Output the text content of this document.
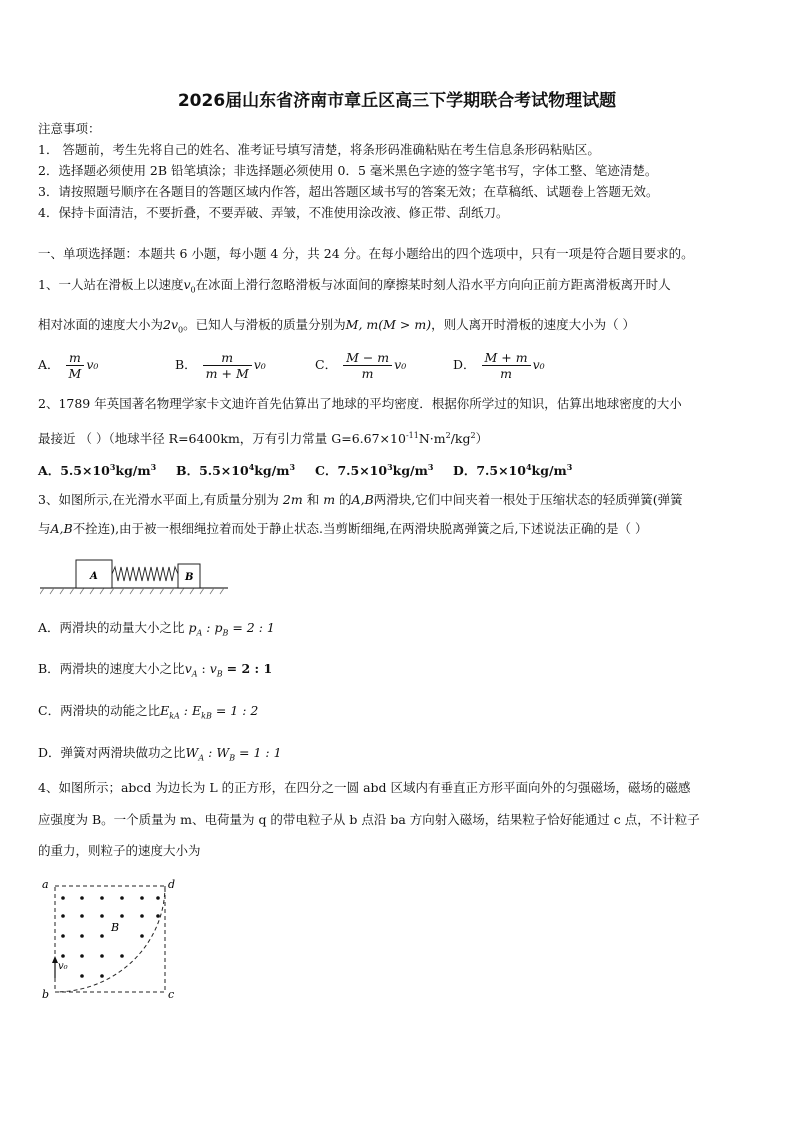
2026届山东省济南市章丘区高三下学期联合考试物理试题
注意事项：
1． 答题前，考生先将自己的姓名、准考证号填写清楚，将条形码准确粘贴在考生信息条形码粘贴区。
2．选择题必须使用 2B 铅笔填涂；非选择题必须使用 0．5 毫米黑色字迹的签字笔书写，字体工整、笔迹清楚。
3．请按照题号顺序在各题目的答题区域内作答，超出答题区域书写的答案无效；在草稿纸、试题卷上答题无效。
4．保持卡面清洁，不要折叠，不要弄破、弄皱，不准使用涂改液、修正带、刮纸刀。
一、单项选择题：本题共 6 小题，每小题 4 分，共 24 分。在每小题给出的四个选项中，只有一项是符合题目要求的。
1、一人站在滑板上以速度$v_0$在冰面上滑行忽略滑板与冰面间的摩擦某时刻人沿水平方向向正前方距离滑板离开时人
相对冰面的速度大小为$2v_0$。已知人与滑板的质量分别为M, m(M > m)，则人离开时滑板的速度大小为（ ）
A． $\frac{m}{M} v_0$	B． $\frac{m}{m + M} v_0$	C． $\frac{M - m}{m} v_0$	D． $\frac{M + m}{m} v_0$
2、1789 年英国著名物理学家卡文迪许首先估算出了地球的平均密度．根据你所学过的知识，估算出地球密度的大小
最接近 （ ）（地球半径 R=6400km，万有引力常量 $G=6.67\times 10^{-11}N\cdot m^2/kg^2$）
A．$5.5\times 10^3kg/m^3$ B．$5.5\times 10^4kg/m^3$ C．$7.5\times 10^3kg/m^3$ D．$7.5\times 10^4kg/m^3$
3、如图所示,在光滑水平面上,有质量分别为 2m 和 m 的A,B两滑块,它们中间夹着一根处于压缩状态的轻质弹簧(弹簧
与A,B不拴连),由于被一根细绳拉着而处于静止状态.当剪断细绳,在两滑块脱离弹簧之后,下述说法正确的是（ ）
A	B
A．两滑块的动量大小之比 $p_A$ : $p_B = 2$ : 1
B．两滑块的速度大小之比$v_A$ : $v_B = 2$ : 1
C．两滑块的动能之比$E_{kA}$ : $E_{kB} = 1$ : 2
D．弹簧对两滑块做功之比$W_A$ : $W_B = 1$ : 1
4、如图所示；abcd 为边长为 L 的正方形，在四分之一圆 abd 区域内有垂直正方形平面向外的匀强磁场，磁场的磁感
应强度为 B。一个质量为 m、电荷量为 q 的带电粒子从 b 点沿 ba 方向射入磁场，结果粒子恰好能通过 c 点，不计粒子
的重力，则粒子的速度大小为
a	d
b	c
B
v₀
